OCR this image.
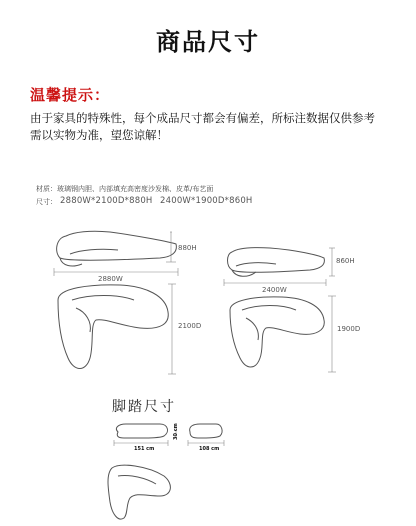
商品尺寸
温馨提示：
由于家具的特殊性，每个成品尺寸都会有偏差，所标注数据仅供参考
需以实物为准，望您谅解！
材质：玻璃钢内胆、内部填充高密度沙发棉、皮革/布艺面
尺寸： 2880W*2100D*880H 2400W*1900D*860H
880H
2880W
2100D
860H
2400W
1900D
脚踏尺寸
151 cm	108 cm
30 cm
